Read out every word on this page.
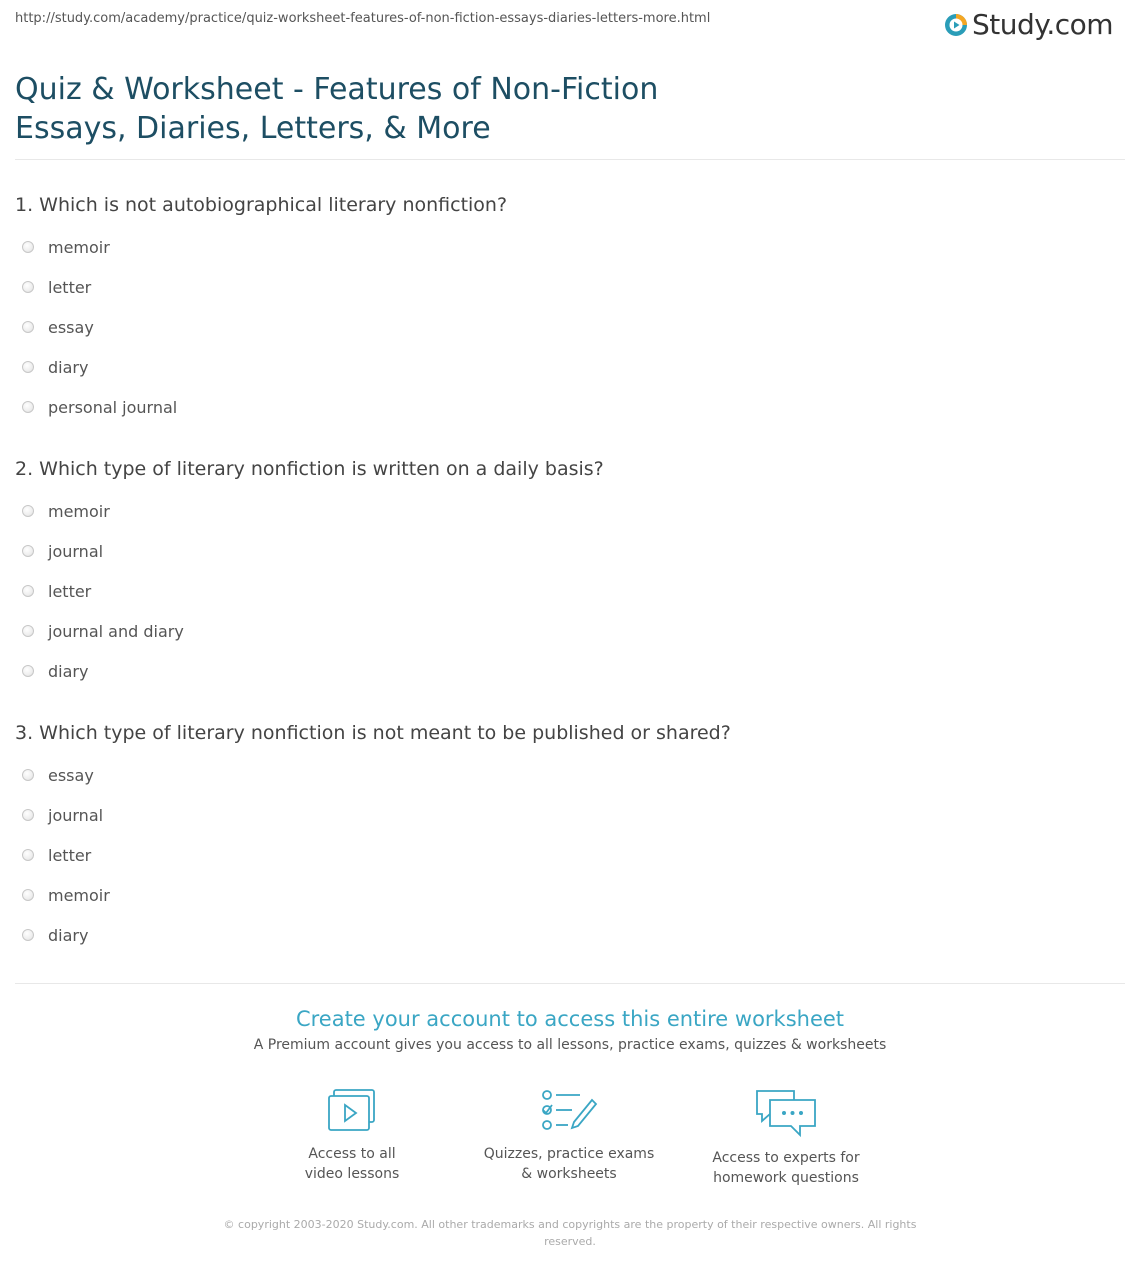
http://study.com/academy/practice/quiz-worksheet-features-of-non-fiction-essays-diaries-letters-more.html	Study.com
Quiz & Worksheet - Features of Non-Fiction Essays, Diaries, Letters, & More
1. Which is not autobiographical literary nonfiction?
memoir
letter
essay
diary
personal journal
2. Which type of literary nonfiction is written on a daily basis?
memoir
journal
letter
journal and diary
diary
3. Which type of literary nonfiction is not meant to be published or shared?
essay
journal
letter
memoir
diary
Create your account to access this entire worksheet
A Premium account gives you access to all lessons, practice exams, quizzes & worksheets
Access to all
video lessons
Quizzes, practice exams
& worksheets
Access to experts for
homework questions
© copyright 2003-2020 Study.com. All other trademarks and copyrights are the property of their respective owners. All rights reserved.
